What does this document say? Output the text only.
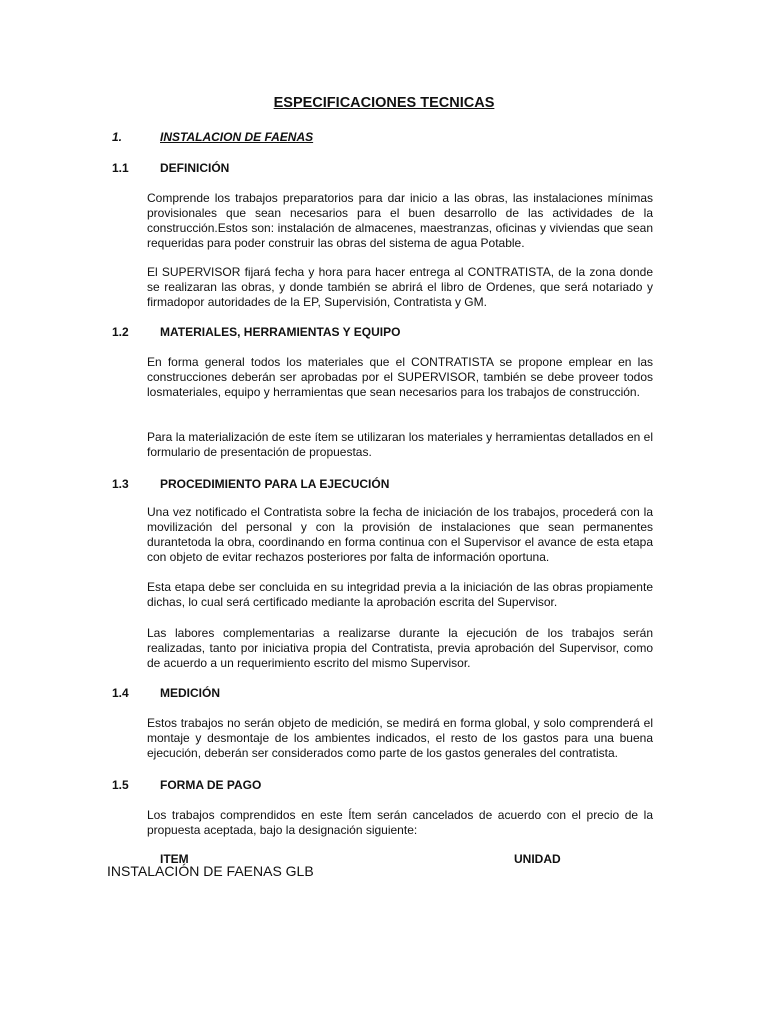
ESPECIFICACIONES TECNICAS
1.	INSTALACION DE FAENAS
1.1	DEFINICIÓN

Comprende los trabajos preparatorios para dar inicio a las obras, las instalaciones mínimas provisionales que sean necesarios para el buen desarrollo de las actividades de la construcción.Estos son: instalación de almacenes, maestranzas, oficinas y viviendas que sean requeridas para poder construir las obras del sistema de agua Potable.

El SUPERVISOR fijará fecha y hora para hacer entrega al CONTRATISTA, de la zona donde se realizaran las obras, y donde también se abrirá el libro de Ordenes, que será notariado y firmadopor autoridades de la EP, Supervisión, Contratista y GM.

1.2	MATERIALES, HERRAMIENTAS Y EQUIPO

En forma general todos los materiales que el CONTRATISTA se propone emplear en las construcciones deberán ser aprobadas por el SUPERVISOR, también se debe proveer todos losmateriales, equipo y herramientas que sean necesarios para los trabajos de construcción.

Para la materialización de este ítem se utilizaran los materiales y herramientas detallados en el formulario de presentación de propuestas.

1.3	PROCEDIMIENTO PARA LA EJECUCIÓN

Una vez notificado el Contratista sobre la fecha de iniciación de los trabajos, procederá con la movilización del personal y con la provisión de instalaciones que sean permanentes durantetoda la obra, coordinando en forma continua con el Supervisor el avance de esta etapa con objeto de evitar rechazos posteriores por falta de información oportuna.

Esta etapa debe ser concluida en su integridad previa a la iniciación de las obras propiamente dichas, lo cual será certificado mediante la aprobación escrita del Supervisor.

Las labores complementarias a realizarse durante la ejecución de los trabajos serán realizadas, tanto por iniciativa propia del Contratista, previa aprobación del Supervisor, como de acuerdo a un requerimiento escrito del mismo Supervisor.

1.4	MEDICIÓN

Estos trabajos no serán objeto de medición, se medirá en forma global, y solo comprenderá el montaje y desmontaje de los ambientes indicados, el resto de los gastos para una buena ejecución, deberán ser considerados como parte de los gastos generales del contratista.

1.5	FORMA DE PAGO

Los trabajos comprendidos en este Ítem serán cancelados de acuerdo con el precio de la propuesta aceptada, bajo la designación siguiente:

ITEM	UNIDAD
INSTALACIÓN DE FAENAS GLB
